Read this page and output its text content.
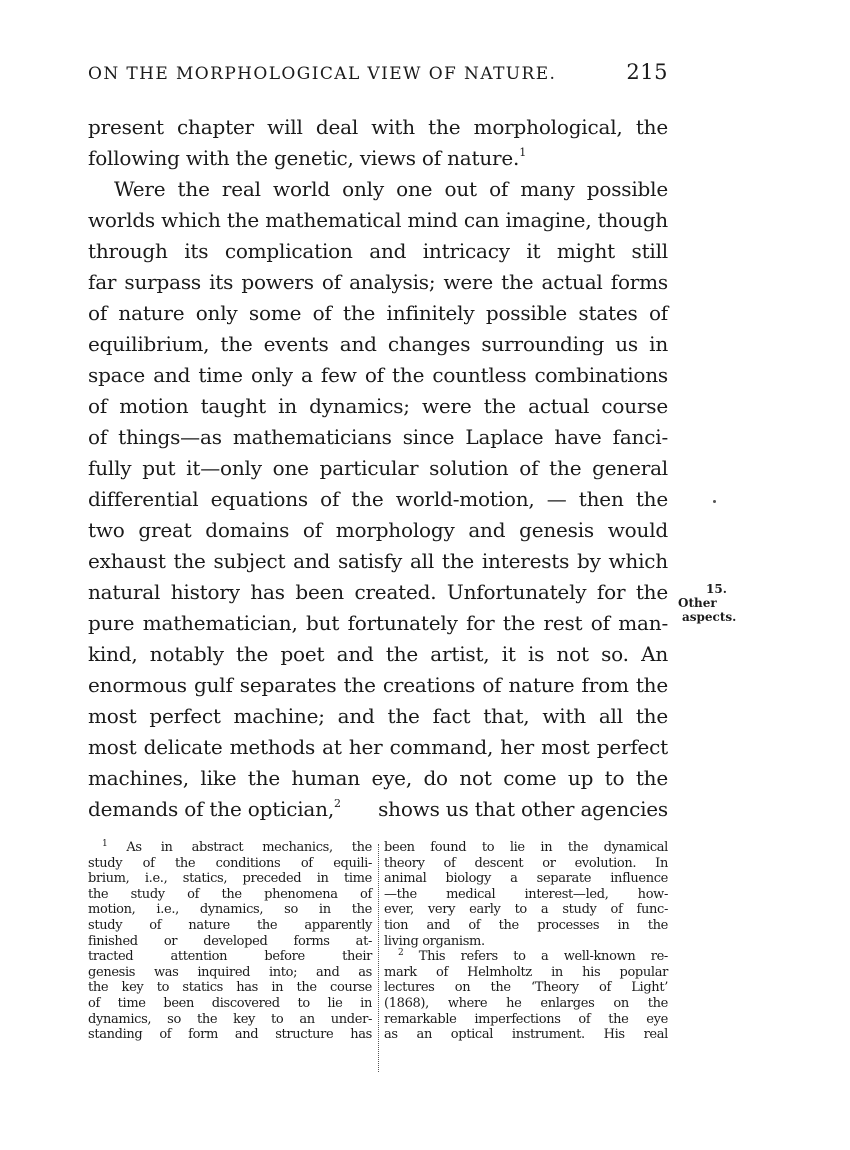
ON THE MORPHOLOGICAL VIEW OF NATURE.	215
present chapter will deal with the morphological, the
following with the genetic, views of nature.$^1$
Were the real world only one out of many possible
worlds which the mathematical mind can imagine, though
through its complication and intricacy it might still
far surpass its powers of analysis; were the actual forms
of nature only some of the infinitely possible states of
equilibrium, the events and changes surrounding us in
space and time only a few of the countless combinations
of motion taught in dynamics; were the actual course
of things—as mathematicians since Laplace have fanci-
fully put it—only one particular solution of the general
differential equations of the world-motion, — then the
two great domains of morphology and genesis would
exhaust the subject and satisfy all the interests by which
natural history has been created. Unfortunately for the
pure mathematician, but fortunately for the rest of man-
kind, notably the poet and the artist, it is not so. An
enormous gulf separates the creations of nature from the
most perfect machine; and the fact that, with all the
most delicate methods at her command, her most perfect
machines, like the human eye, do not come up to the
demands of the optician,$^2$ shows us that other agencies
15.
Other
aspects.
$^1$ As in abstract mechanics, the
study of the conditions of equili-
brium, i.e., statics, preceded in time
the study of the phenomena of
motion, i.e., dynamics, so in the
study of nature the apparently
finished or developed forms at-
tracted attention before their
genesis was inquired into; and as
the key to statics has in the course
of time been discovered to lie in
dynamics, so the key to an under-
standing of form and structure has
been found to lie in the dynamical
theory of descent or evolution. In
animal biology a separate influence
—the medical interest—led, how-
ever, very early to a study of func-
tion and of the processes in the
living organism.
$^2$ This refers to a well-known re-
mark of Helmholtz in his popular
lectures on the ‘Theory of Light’
(1868), where he enlarges on the
remarkable imperfections of the eye
as an optical instrument. His real
